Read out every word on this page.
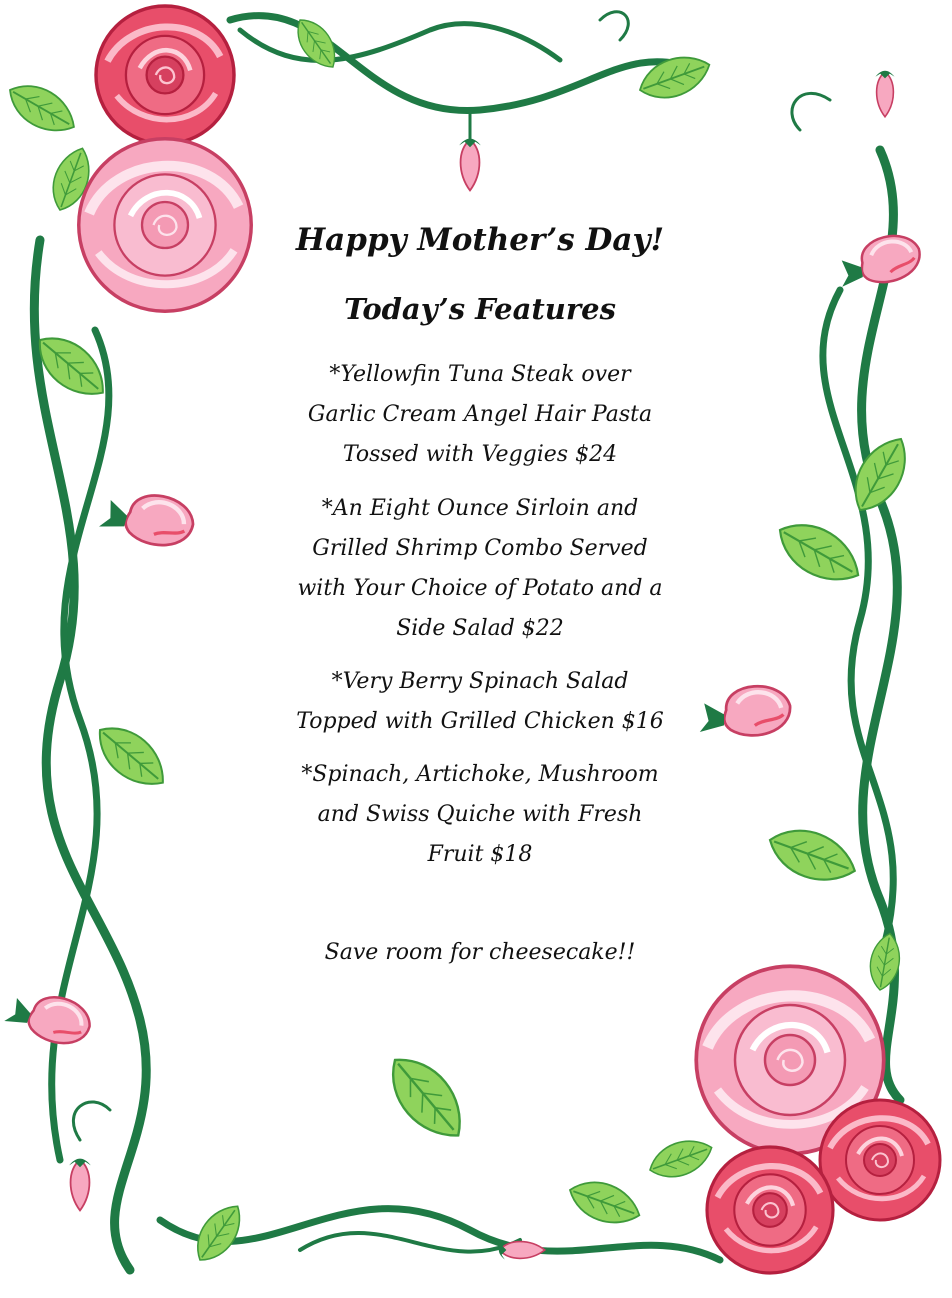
Happy Mother’s Day!
Today’s Features
*Yellowfin Tuna Steak over
Garlic Cream Angel Hair Pasta
Tossed with Veggies $24
*An Eight Ounce Sirloin and
Grilled Shrimp Combo Served
with Your Choice of Potato and a
Side Salad $22
*Very Berry Spinach Salad
Topped with Grilled Chicken $16
*Spinach, Artichoke, Mushroom
and Swiss Quiche with Fresh
Fruit $18
Save room for cheesecake!!
